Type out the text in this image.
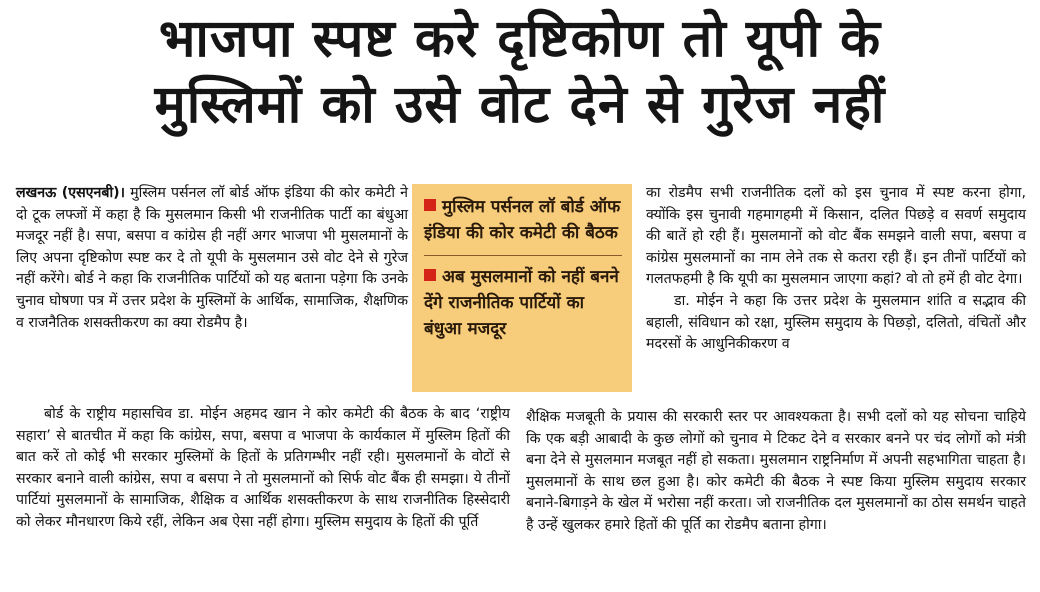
भाजपा स्पष्ट करे दृष्टिकोण तो यूपी के
मुस्लिमों को उसे वोट देने से गुरेज नहीं

लखनऊ (एसएनबी)। मुस्लिम पर्सनल लॉ बोर्ड ऑफ इंडिया की कोर कमेटी ने दो टूक लफ्जों में कहा है कि मुसलमान किसी भी राजनीतिक पार्टी का बंधुआ मजदूर नहीं है। सपा, बसपा व कांग्रेस ही नहीं अगर भाजपा भी मुसलमानों के लिए अपना दृष्टिकोण स्पष्ट कर दे तो यूपी के मुसलमान उसे वोट देने से गुरेज नहीं करेंगे। बोर्ड ने कहा कि राजनीतिक पार्टियों को यह बताना पड़ेगा कि उनके चुनाव घोषणा पत्र में उत्तर प्रदेश के मुस्लिमों के आर्थिक, सामाजिक, शैक्षणिक व राजनैतिक शसक्तीकरण का क्या रोडमैप है।

मुस्लिम पर्सनल लॉ बोर्ड ऑफ इंडिया की कोर कमेटी की बैठक
अब मुसलमानों को नहीं बनने देंगे राजनीतिक पार्टियों का बंधुआ मजदूर

बोर्ड के राष्ट्रीय महासचिव डा. मोईन अहमद खान ने कोर कमेटी की बैठक के बाद ‘राष्ट्रीय सहारा’ से बातचीत में कहा कि कांग्रेस, सपा, बसपा व भाजपा के कार्यकाल में मुस्लिम हितों की बात करें तो कोई भी सरकार मुस्लिमों के हितों के प्रतिगम्भीर नहीं रही। मुसलमानों के वोटों से सरकार बनाने वाली कांग्रेस, सपा व बसपा ने तो मुसलमानों को सिर्फ वोट बैंक ही समझा। ये तीनों पार्टियां मुसलमानों के सामाजिक, शैक्षिक व आर्थिक शसक्तीकरण के साथ राजनीतिक हिस्सेदारी को लेकर मौनधारण किये रहीं, लेकिन अब ऐसा नहीं होगा। मुस्लिम समुदाय के हितों की पूर्ति

का रोडमैप सभी राजनीतिक दलों को इस चुनाव में स्पष्ट करना होगा, क्योंकि इस चुनावी गहमागहमी में किसान, दलित पिछड़े व सवर्ण समुदाय की बातें हो रही हैं। मुसलमानों को वोट बैंक समझने वाली सपा, बसपा व कांग्रेस मुसलमानों का नाम लेने तक से कतरा रही हैं। इन तीनों पार्टियों को गलतफहमी है कि यूपी का मुसलमान जाएगा कहां? वो तो हमें ही वोट देगा।

डा. मोईन ने कहा कि उत्तर प्रदेश के मुसलमान शांति व सद्भाव की बहाली, संविधान को रक्षा, मुस्लिम समुदाय के पिछड़ो, दलितो, वंचितों और मदरसों के आधुनिकीकरण व

शैक्षिक मजबूती के प्रयास की सरकारी स्तर पर आवश्यकता है। सभी दलों को यह सोचना चाहिये कि एक बड़ी आबादी के कुछ लोगों को चुनाव मे टिकट देने व सरकार बनने पर चंद लोगों को मंत्री बना देने से मुसलमान मजबूत नहीं हो सकता। मुसलमान राष्ट्रनिर्माण में अपनी सहभागिता चाहता है। मुसलमानों के साथ छल हुआ है। कोर कमेटी की बैठक ने स्पष्ट किया मुस्लिम समुदाय सरकार बनाने-बिगाड़ने के खेल में भरोसा नहीं करता। जो राजनीतिक दल मुसलमानों का ठोस समर्थन चाहते है उन्हें खुलकर हमारे हितों की पूर्ति का रोडमैप बताना होगा।
